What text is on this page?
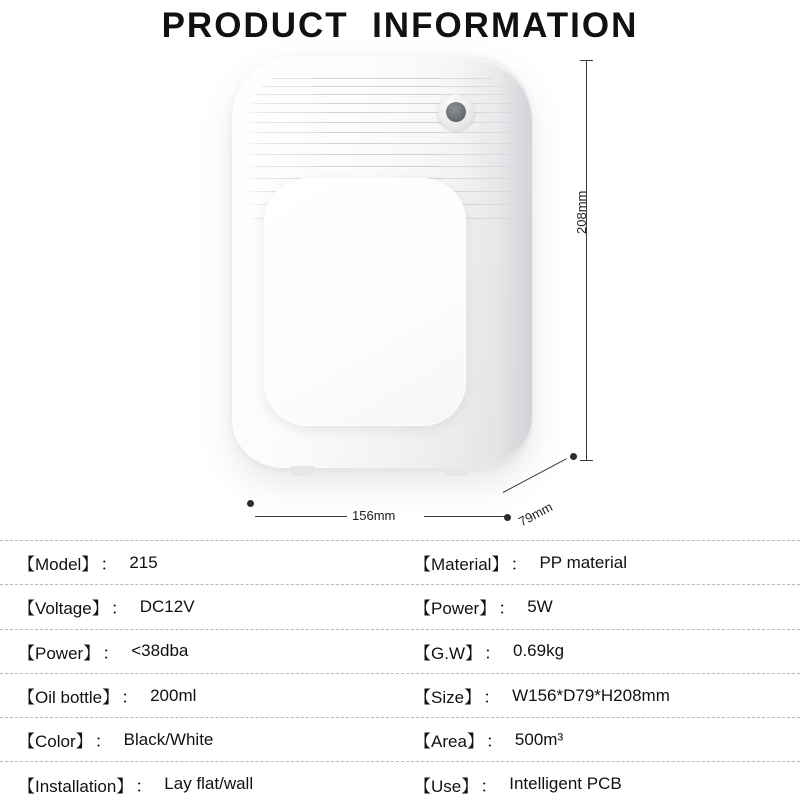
PRODUCT  INFORMATION
208mm
156mm	79mm
【Model】 ： 215	【Material】 ： PP material
【Voltage】 ： DC12V	【Power】 ： 5W
【Power】 ： <38dba	【G.W】 ： 0.69kg
【Oil bottle】 ： 200ml	【Size】 ： W156*D79*H208mm
【Color】 ： Black/White	【Area】 ： 500m³
【Installation】 ： Lay flat/wall	【Use】 ： Intelligent PCB
